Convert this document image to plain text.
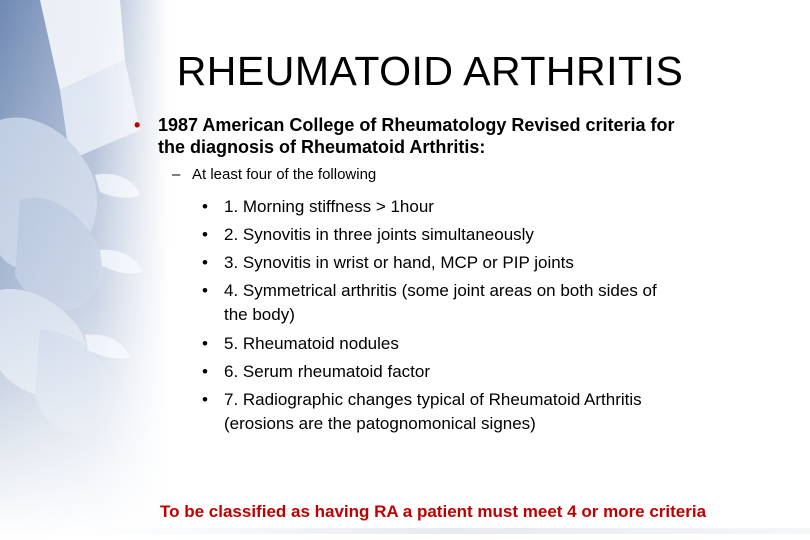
RHEUMATOID ARTHRITIS
• 1987 American College of Rheumatology Revised criteria for
the diagnosis of Rheumatoid Arthritis:
– At least four of the following
• 1. Morning stiffness > 1hour
• 2. Synovitis in three joints simultaneously
• 3. Synovitis in wrist or hand, MCP or PIP joints
• 4. Symmetrical arthritis (some joint areas on both sides of
the body)
• 5. Rheumatoid nodules
• 6. Serum rheumatoid factor
• 7. Radiographic changes typical of Rheumatoid Arthritis
(erosions are the patognomonical signes)
To be classified as having RA a patient must meet 4 or more criteria
